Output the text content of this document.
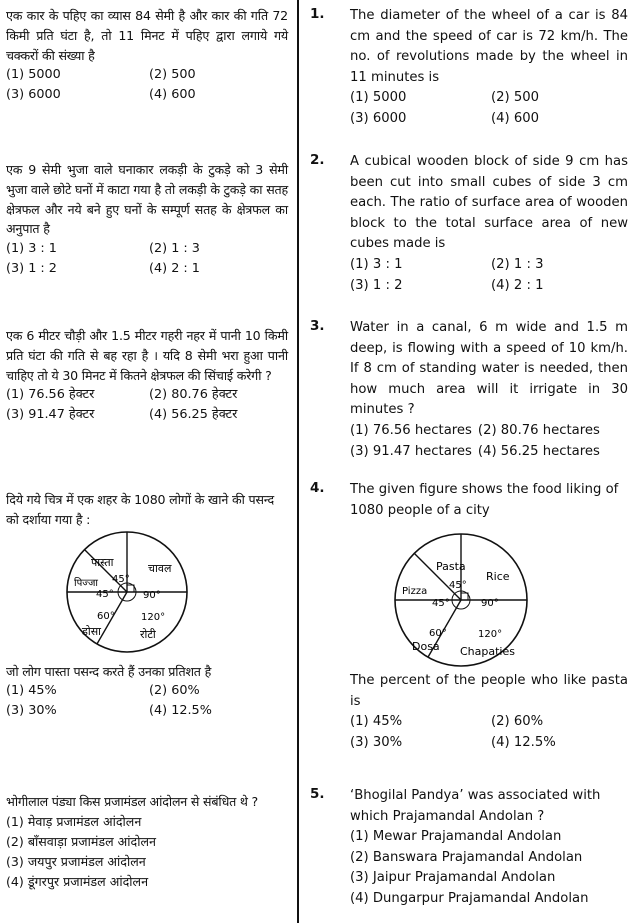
एक कार के पहिए का व्यास 84 सेमी है और कार की गति 72 किमी प्रति घंटा है, तो 11 मिनट में पहिए द्वारा लगाये गये चक्करों की संख्या है

(1) 5000	(2) 500
(3) 6000	(4) 600

एक 9 सेमी भुजा वाले घनाकार लकड़ी के टुकड़े को 3 सेमी भुजा वाले छोटे घनों में काटा गया है तो लकड़ी के टुकड़े का सतह क्षेत्रफल और नये बने हुए घनों के सम्पूर्ण सतह के क्षेत्रफल का अनुपात है

(1) 3 : 1	(2) 1 : 3
(3) 1 : 2	(4) 2 : 1

एक 6 मीटर चौड़ी और 1.5 मीटर गहरी नहर में पानी 10 किमी प्रति घंटा की गति से बह रहा है । यदि 8 सेमी भरा हुआ पानी चाहिए तो ये 30 मिनट में कितने क्षेत्रफल की सिंचाई करेगी ?

(1) 76.56 हेक्टर	(2) 80.76 हेक्टर
(3) 91.47 हेक्टर	(4) 56.25 हेक्टर

दिये गये चित्र में एक शहर के 1080 लोगों के खाने की पसन्द को दर्शाया गया है :

पास्ता	चावल
पिज्जा
डोसा	रोटी
45°
90°
45°
60°	120°

जो लोग पास्ता पसन्द करते हैं उनका प्रतिशत है

(1) 45%	(2) 60%
(3) 30%	(4) 12.5%

भोगीलाल पंड्या किस प्रजामंडल आंदोलन से संबंधित थे ?

(1) मेवाड़ प्रजामंडल आंदोलन
(2) बाँसवाड़ा प्रजामंडल आंदोलन
(3) जयपुर प्रजामंडल आंदोलन
(4) डूंगरपुर प्रजामंडल आंदोलन
1. The diameter of the wheel of a car is 84 cm and the speed of car is 72 km/h. The no. of revolutions made by the wheel in 11 minutes is

(1) 5000	(2) 500
(3) 6000	(4) 600
2. A cubical wooden block of side 9 cm has been cut into small cubes of side 3 cm each. The ratio of surface area of wooden block to the total surface area of new cubes made is

(1) 3 : 1	(2) 1 : 3
(3) 1 : 2	(4) 2 : 1
3. Water in a canal, 6 m wide and 1.5 m deep, is flowing with a speed of 10 km/h. If 8 cm of standing water is needed, then how much area will it irrigate in 30 minutes ?

(1) 76.56 hectares (2) 80.76 hectares
(3) 91.47 hectares (4) 56.25 hectares
4. The given figure shows the food liking of 1080 people of a city

Pasta
Rice
Pizza
Dosa Chapaties
45°
90°
45°
60°	120°

The percent of the people who like pasta is

(1) 45%	(2) 60%
(3) 30%	(4) 12.5%
5. ‘Bhogilal Pandya’ was associated with which Prajamandal Andolan ?

(1) Mewar Prajamandal Andolan
(2) Banswara Prajamandal Andolan
(3) Jaipur Prajamandal Andolan
(4) Dungarpur Prajamandal Andolan
